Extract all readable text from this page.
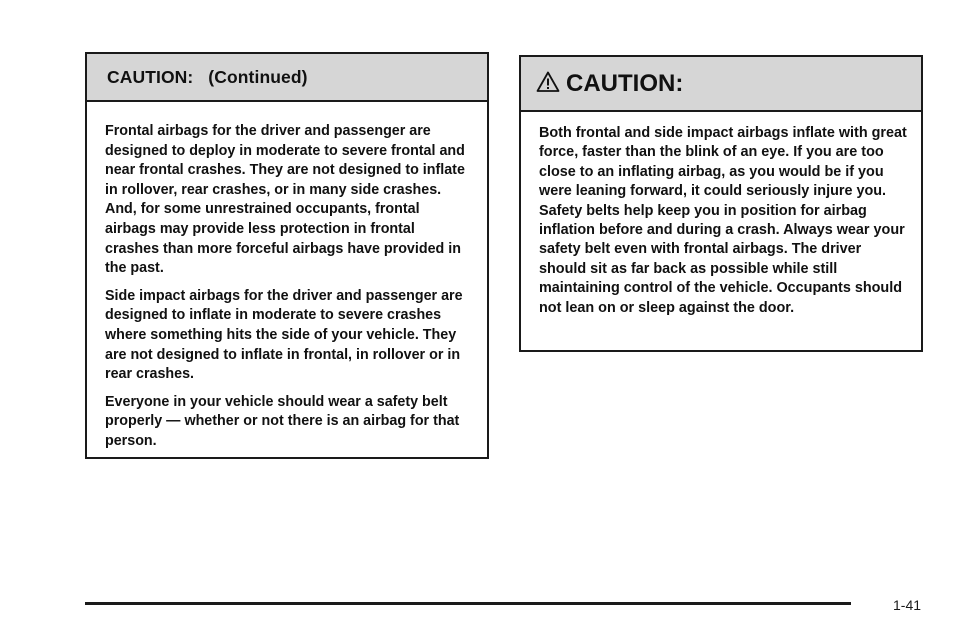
CAUTION: (Continued)

Frontal airbags for the driver and passenger are designed to deploy in moderate to severe frontal and near frontal crashes. They are not designed to inflate in rollover, rear crashes, or in many side crashes. And, for some unrestrained occupants, frontal airbags may provide less protection in frontal crashes than more forceful airbags have provided in the past.

Side impact airbags for the driver and passenger are designed to inflate in moderate to severe crashes where something hits the side of your vehicle. They are not designed to inflate in frontal, in rollover or in rear crashes.

Everyone in your vehicle should wear a safety belt properly — whether or not there is an airbag for that person.

CAUTION:

Both frontal and side impact airbags inflate with great force, faster than the blink of an eye. If you are too close to an inflating airbag, as you would be if you were leaning forward, it could seriously injure you. Safety belts help keep you in position for airbag inflation before and during a crash. Always wear your safety belt even with frontal airbags. The driver should sit as far back as possible while still maintaining control of the vehicle. Occupants should not lean on or sleep against the door.

1-41
